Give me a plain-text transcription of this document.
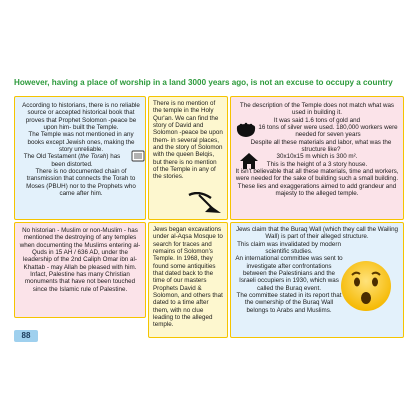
However, having a place of worship in a land 3000 years ago, is not an excuse to occupy a country

According to historians, there is no reliable source or accepted historical book that proves that Prophet Solomon -peace be upon him- built the Temple.

The Temple was not mentioned in any books except Jewish ones, making the story unreliable.

The Old Testament (the Torah) has been distorted.

There is no documented chain of transmission that connects the Torah to Moses (PBUH) nor to the Prophets who came after him.

There is no mention of the temple in the Holy Qur'an. We can find the story of David and Solomon -peace be upon them- in several places, and the story of Solomon with the queen Belqis, but there is no mention of the Temple in any of the stories.

The description of the Temple does not match what was used in building it.

It was said 1.6 tons of gold and

16 tons of silver were used. 180,000 workers were needed for seven years

Despite all these materials and labor, what was the structure like?

30x10x15 m which is 300 m².

This is the height of a 3 story house.

It isn't believable that all these materials, time and workers, were needed for the sake of building such a small building.

These lies and exaggerations aimed to add grandeur and majesty to the alleged temple.

No historian - Muslim or non-Muslim - has mentioned the destroying of any temples when documenting the Muslims entering al-Quds in 15 AH / 636 AD, under the leadership of the 2nd Caliph Omar ibn al-Khattab - may Allah be pleased with him. Infact, Palestine has many Christian monuments that have not been touched since the Islamic rule of Palestine.

Jews began excavations under al-Aqsa Mosque to search for traces and remains of Solomon's Temple. In 1968, they found some antiquities that dated back to the time of our masters Prophets David & Solomon, and others that dated to a time after them, with no clue leading to the alleged temple.

Jews claim that the Buraq Wall (which they call the Wailing Wall) is part of their alleged structure.

This claim was invalidated by modern scientific studies.

An international committee was sent to investigate after confrontations between the Palestinians and the Israeli occupiers in 1930, which was called the Buraq event.

The committee stated in its report that the ownership of the Buraq Wall belongs to Arabs and Muslims.

88
